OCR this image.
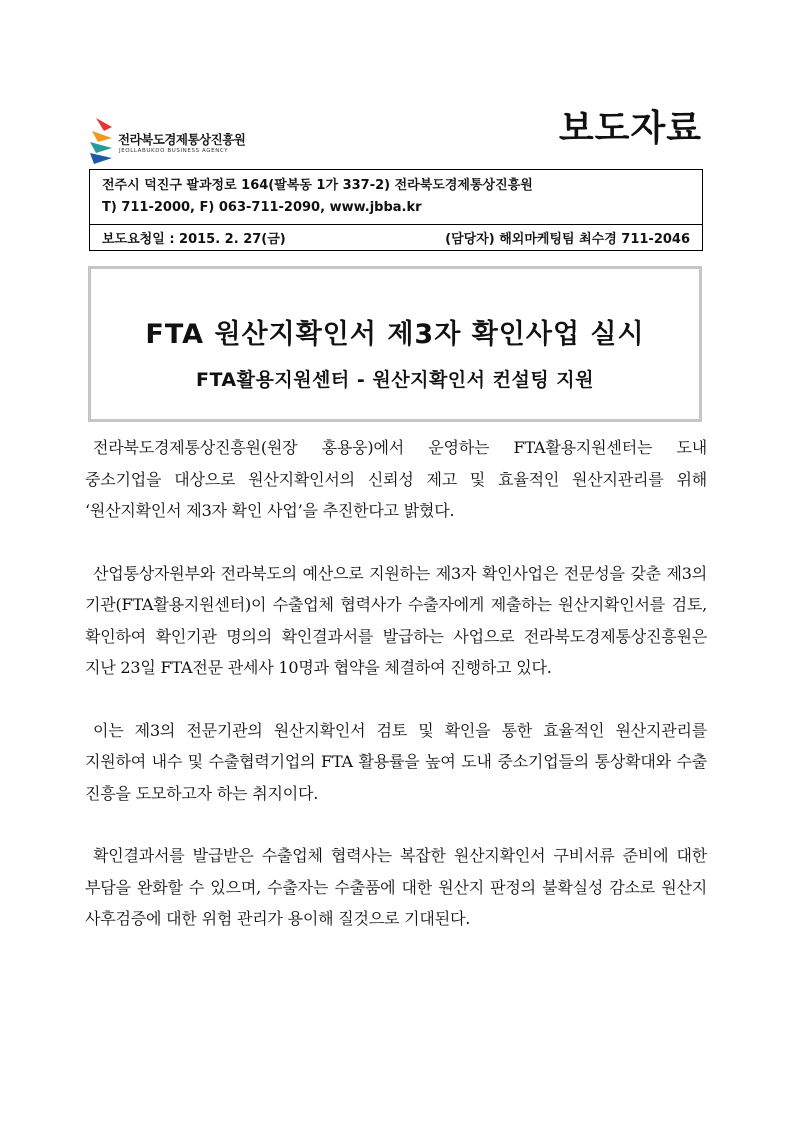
전라북도경제통상진흥원
JEOLLABUKDO BUSINESS AGENCY
보도자료
전주시 덕진구 팔과정로 164(팔복동 1가 337-2) 전라북도경제통상진흥원
T) 711-2000, F) 063-711-2090, www.jbba.kr

보도요청일 : 2015. 2. 27(금)	(담당자) 해외마케팅팀 최수경 711-2046
FTA 원산지확인서 제3자 확인사업 실시
FTA활용지원센터 - 원산지확인서 컨설팅 지원

전라북도경제통상진흥원(원장 홍용웅)에서 운영하는 FTA활용지원센터는 도내 중소기업을 대상으로 원산지확인서의 신뢰성 제고 및 효율적인 원산지관리를 위해 ‘원산지확인서 제3자 확인 사업’을 추진한다고 밝혔다.

산업통상자원부와 전라북도의 예산으로 지원하는 제3자 확인사업은 전문성을 갖춘 제3의 기관(FTA활용지원센터)이 수출업체 협력사가 수출자에게 제출하는 원산지확인서를 검토, 확인하여 확인기관 명의의 확인결과서를 발급하는 사업으로 전라북도경제통상진흥원은 지난 23일 FTA전문 관세사 10명과 협약을 체결하여 진행하고 있다.

이는 제3의 전문기관의 원산지확인서 검토 및 확인을 통한 효율적인 원산지관리를 지원하여 내수 및 수출협력기업의 FTA 활용률을 높여 도내 중소기업들의 통상확대와 수출 진흥을 도모하고자 하는 취지이다.

확인결과서를 발급받은 수출업체 협력사는 복잡한 원산지확인서 구비서류 준비에 대한 부담을 완화할 수 있으며, 수출자는 수출품에 대한 원산지 판정의 불확실성 감소로 원산지 사후검증에 대한 위험 관리가 용이해 질것으로 기대된다.
